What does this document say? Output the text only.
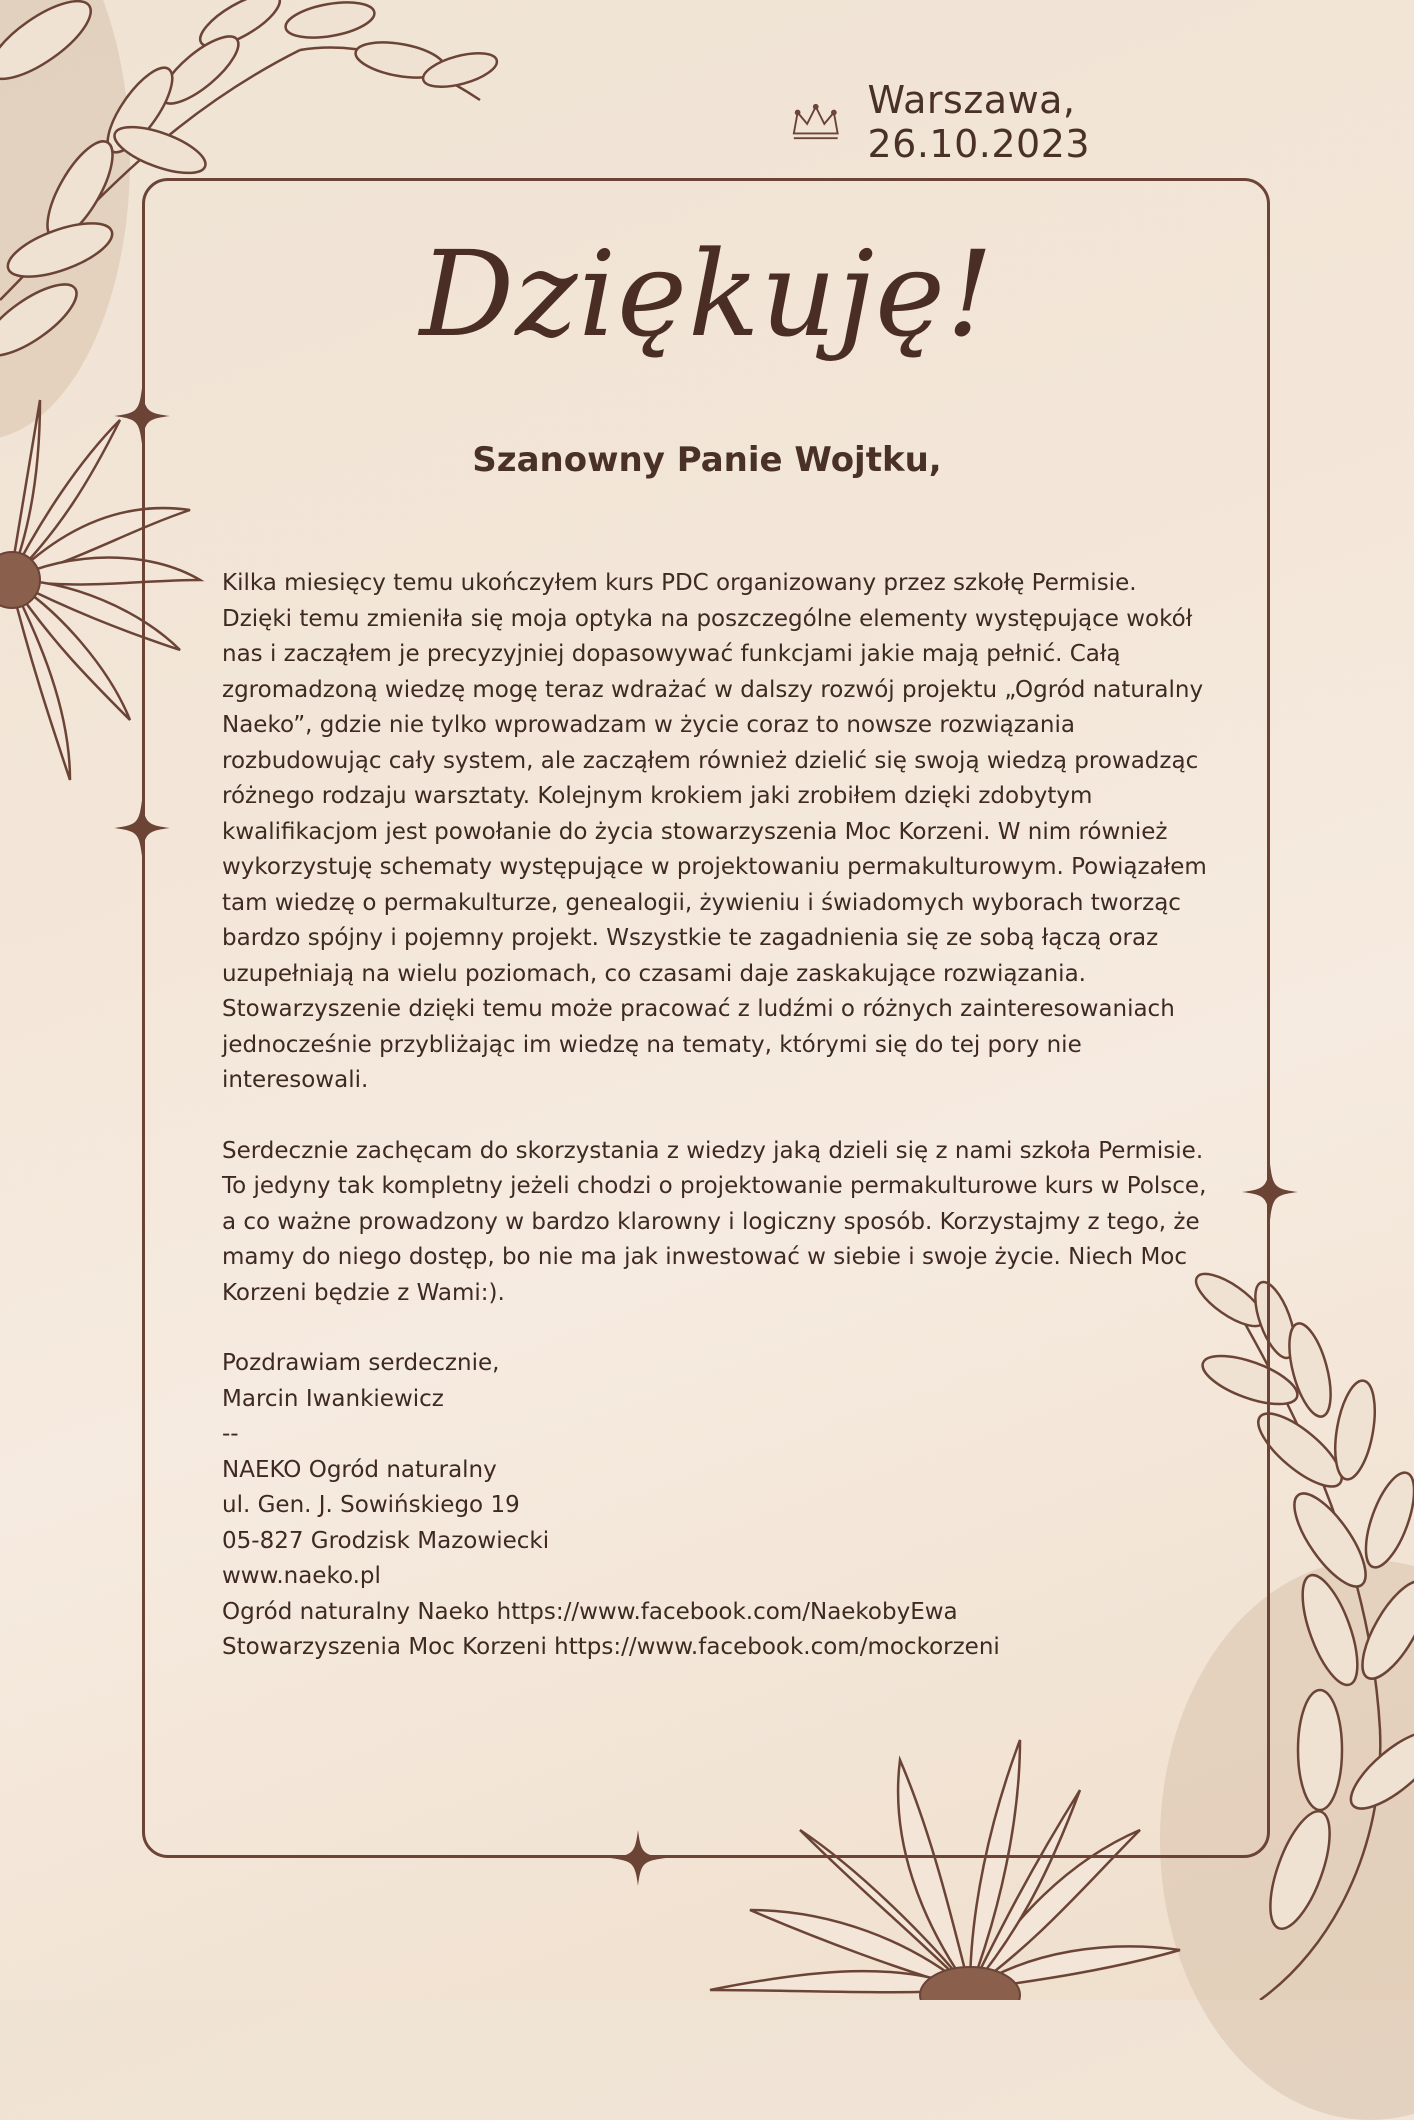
Warszawa, 26.10.2023
Dziękuję!
Szanowny Panie Wojtku,

Kilka miesięcy temu ukończyłem kurs PDC organizowany przez szkołę Permisie. Dzięki temu zmieniła się moja optyka na poszczególne elementy występujące wokół nas i zacząłem je precyzyjniej dopasowywać funkcjami jakie mają pełnić. Całą zgromadzoną wiedzę mogę teraz wdrażać w dalszy rozwój projektu „Ogród naturalny Naeko”, gdzie nie tylko wprowadzam w życie coraz to nowsze rozwiązania rozbudowując cały system, ale zacząłem również dzielić się swoją wiedzą prowadząc różnego rodzaju warsztaty. Kolejnym krokiem jaki zrobiłem dzięki zdobytym kwalifikacjom jest powołanie do życia stowarzyszenia Moc Korzeni. W nim również wykorzystuję schematy występujące w projektowaniu permakulturowym. Powiązałem tam wiedzę o permakulturze, genealogii, żywieniu i świadomych wyborach tworząc bardzo spójny i pojemny projekt. Wszystkie te zagadnienia się ze sobą łączą oraz uzupełniają na wielu poziomach, co czasami daje zaskakujące rozwiązania. Stowarzyszenie dzięki temu może pracować z ludźmi o różnych zainteresowaniach jednocześnie przybliżając im wiedzę na tematy, którymi się do tej pory nie interesowali.

Serdecznie zachęcam do skorzystania z wiedzy jaką dzieli się z nami szkoła Permisie. To jedyny tak kompletny jeżeli chodzi o projektowanie permakulturowe kurs w Polsce, a co ważne prowadzony w bardzo klarowny i logiczny sposób. Korzystajmy z tego, że mamy do niego dostęp, bo nie ma jak inwestować w siebie i swoje życie. Niech Moc Korzeni będzie z Wami:).

Pozdrawiam serdecznie,
Marcin Iwankiewicz
--
NAEKO Ogród naturalny
ul. Gen. J. Sowińskiego 19
05-827 Grodzisk Mazowiecki
www.naeko.pl
Ogród naturalny Naeko https://www.facebook.com/NaekobyEwa
Stowarzyszenia Moc Korzeni https://www.facebook.com/mockorzeni
